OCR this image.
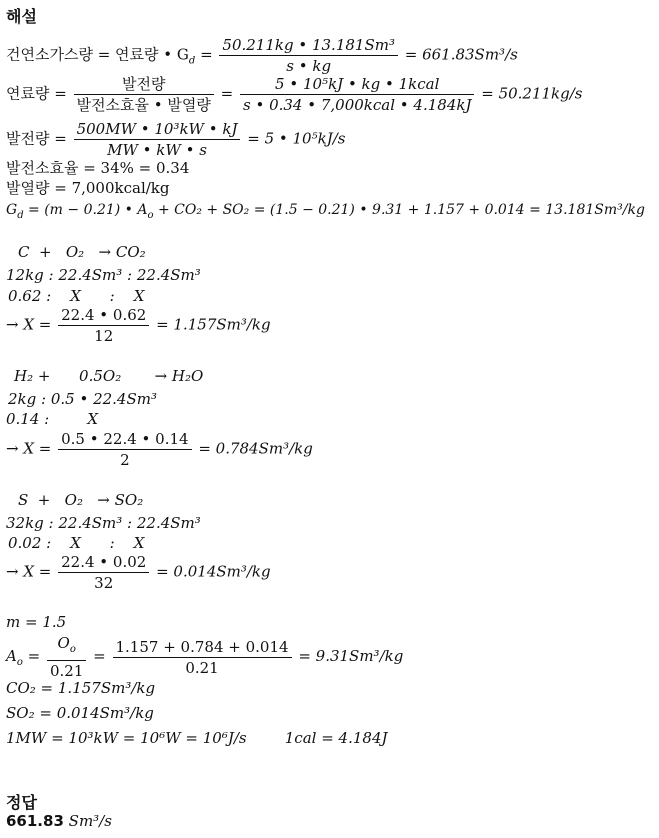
해설
건연소가스량 = 연료량 • $G_d = \frac{\text{50.211kg • 13.181Sm³}}{s • kg} = 661.83Sm^3/s$
연료량 = $\frac{\text{발전량}}{\text{발전소효율 • 발열량}} = \frac{\text{5 • 10⁵kJ • kg • 1kcal}}{\text{s • 0.34 • 7,000kcal • 4.184kJ}} = 50.211kg/s$
발전량 = $\frac{\text{500MW • 10³kW • kJ}}{MW • kW • s} = 5$ • 10⁵kJ/s
발전소효율 = 34% = 0.34
발열량 = 7,000kcal/kg
$G_d = (m - 0.21)$ • $A_o + CO_2 + SO_2 = (1.5 - 0.21)$ • 9.31 + 1.157 + 0.014 = 13.181Sm³/kg
C  +   O₂   → CO₂
12kg : 22.4Sm³ : 22.4Sm³
0.62 :    X      :    X
→ $X = \frac{22.4 • 0.62}{12} = 1.157Sm^3/kg$
H₂ +      0.5O₂       → H₂O
2kg : 0.5 • 22.4Sm³
0.14 :        X
→ $X = \frac{0.5 • 22.4 • 0.14}{2} = 0.784Sm^3/kg$
S  +   O₂   → SO₂
32kg : 22.4Sm³ : 22.4Sm³
0.02 :    X      :    X
→ $X = \frac{22.4 • 0.02}{32} = 0.014Sm^3/kg$
m = 1.5
$A_o = \frac{O_o}{0.21} = \frac{1.157 + 0.784 + 0.014}{0.21} = 9.31Sm^3/kg$
CO₂ = 1.157Sm³/kg
SO₂ = 0.014Sm³/kg
1MW = 10³kW = 10⁶W = 10⁶J/s        1cal = 4.184J
정답
661.83 Sm³/s
